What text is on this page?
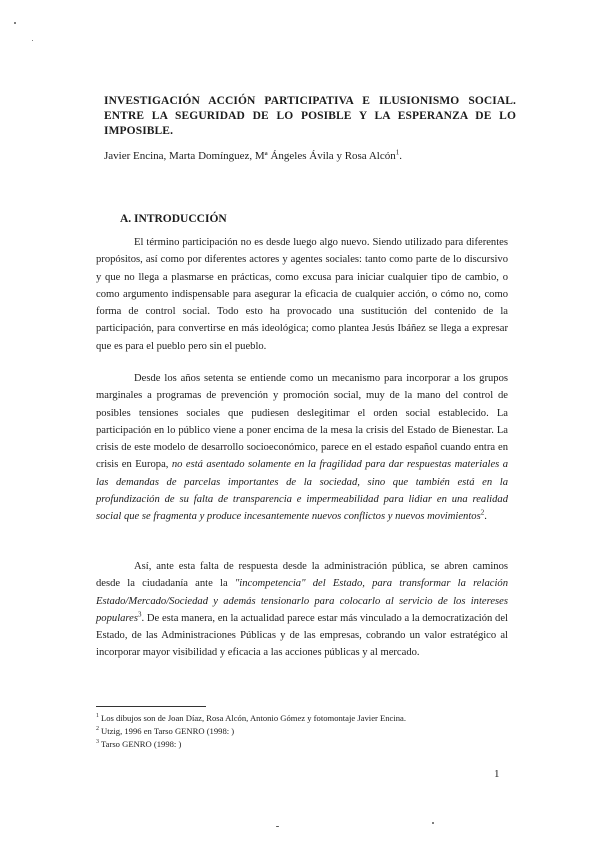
INVESTIGACIÓN ACCIÓN PARTICIPATIVA E ILUSIONISMO SOCIAL. ENTRE LA SEGURIDAD DE LO POSIBLE Y LA ESPERANZA DE LO IMPOSIBLE.

Javier Encina, Marta Domínguez, Mª Ángeles Ávila y Rosa Alcón$^1$.

A. INTRODUCCIÓN

El término participación no es desde luego algo nuevo. Siendo utilizado para diferentes propósitos, así como por diferentes actores y agentes sociales: tanto como parte de lo discursivo y que no llega a plasmarse en prácticas, como excusa para iniciar cualquier tipo de cambio, o como argumento indispensable para asegurar la eficacia de cualquier acción, o cómo no, como forma de control social. Todo esto ha provocado una sustitución del contenido de la participación, para convertirse en más ideológica; como plantea Jesús Ibáñez se llega a expresar que es para el pueblo pero sin el pueblo.

Desde los años setenta se entiende como un mecanismo para incorporar a los grupos marginales a programas de prevención y promoción social, muy de la mano del control de posibles tensiones sociales que pudiesen deslegitimar el orden social establecido. La participación en lo público viene a poner encima de la mesa la crisis del Estado de Bienestar. La crisis de este modelo de desarrollo socioeconómico, parece en el estado español cuando entra en crisis en Europa, no está asentado solamente en la fragilidad para dar respuestas materiales a las demandas de parcelas importantes de la sociedad, sino que también está en la profundización de su falta de transparencia e impermeabilidad para lidiar en una realidad social que se fragmenta y produce incesantemente nuevos conflictos y nuevos movimientos$^2$.

Así, ante esta falta de respuesta desde la administración pública, se abren caminos desde la ciudadanía ante la "incompetencia" del Estado, para transformar la relación Estado/Mercado/Sociedad y además tensionarlo para colocarlo al servicio de los intereses populares$^3$. De esta manera, en la actualidad parece estar más vinculado a la democratización del Estado, de las Administraciones Públicas y de las empresas, cobrando un valor estratégico al incorporar mayor visibilidad y eficacia a las acciones públicas y al mercado.

$^1$ Los dibujos son de Joan Díaz, Rosa Alcón, Antonio Gómez y fotomontaje Javier Encina.
$^2$ Utzig, 1996 en Tarso GENRO (1998: )
$^3$ Tarso GENRO (1998: )

1
